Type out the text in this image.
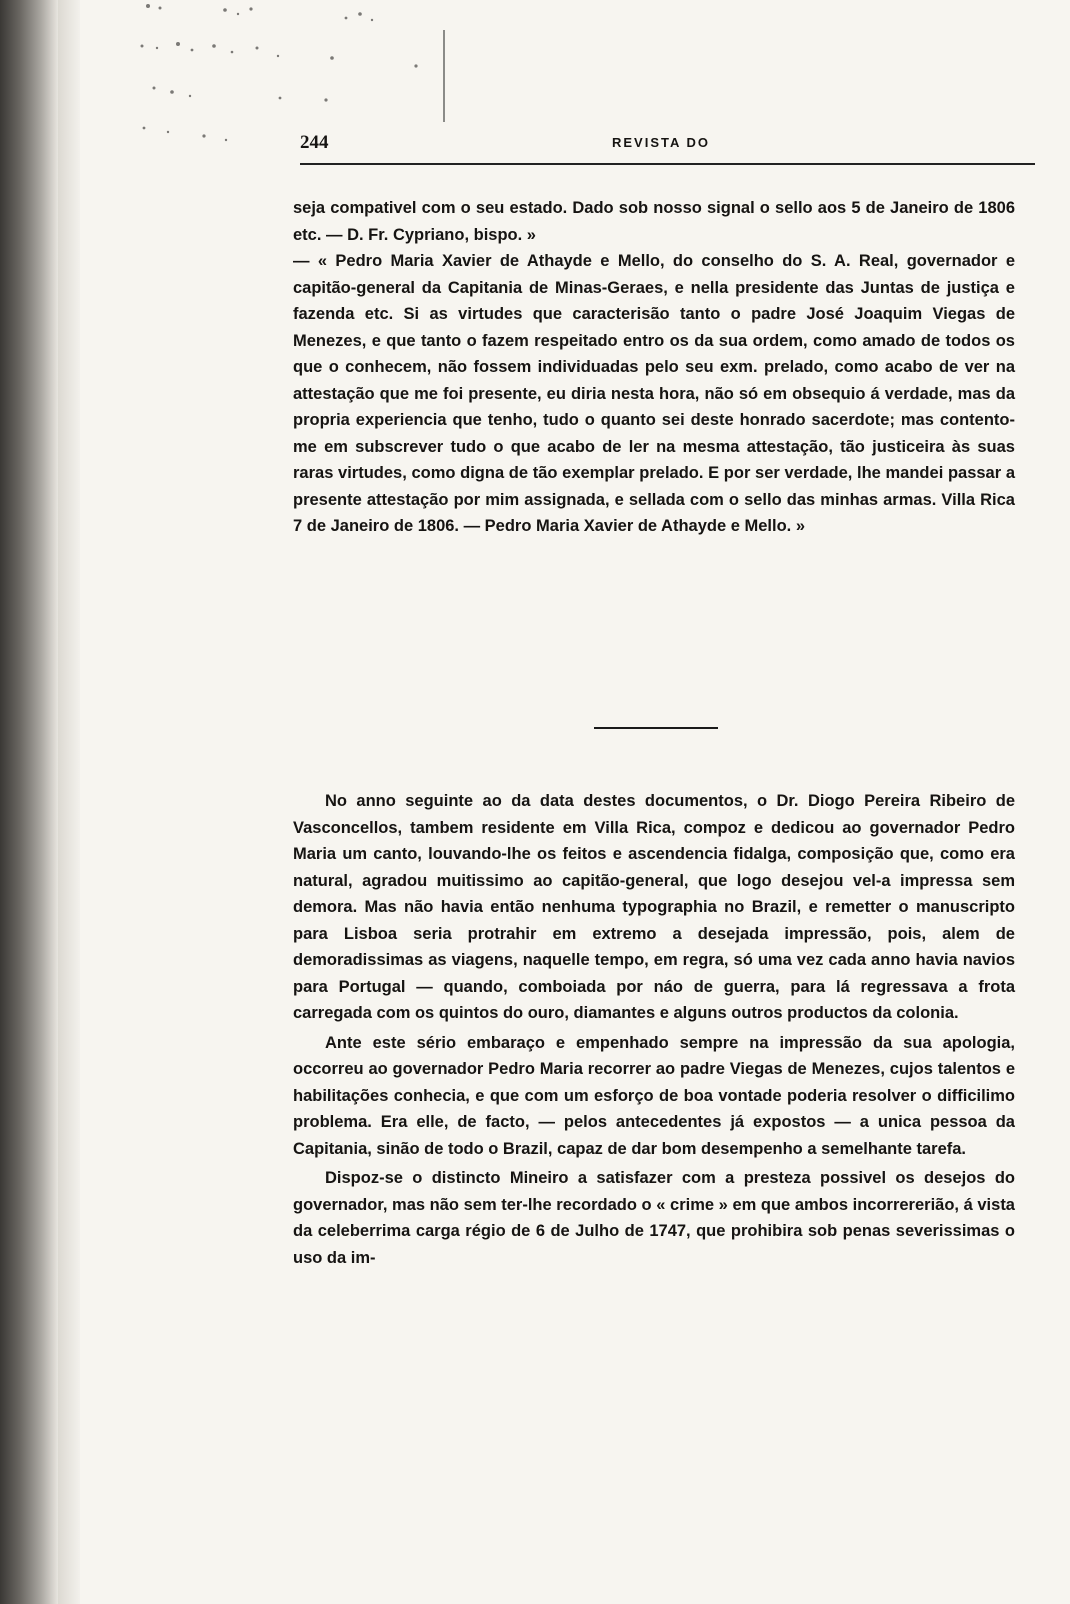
244	REVISTA DO

seja compativel com o seu estado. Dado sob nosso signal o sello aos 5 de Janeiro de 1806 etc. — D. Fr. Cypriano, bispo. »

— « Pedro Maria Xavier de Athayde e Mello, do conselho do S. A. Real, governador e capitão-general da Capitania de Minas-Geraes, e nella presidente das Juntas de justiça e fazenda etc. Si as virtudes que caracterisão tanto o padre José Joaquim Viegas de Menezes, e que tanto o fazem respeitado entro os da sua ordem, como amado de todos os que o conhecem, não fossem individuadas pelo seu exm. prelado, como acabo de ver na attestação que me foi presente, eu diria nesta hora, não só em obsequio á verdade, mas da propria experiencia que tenho, tudo o quanto sei deste honrado sacerdote; mas contento-me em subscrever tudo o que acabo de ler na mesma attestação, tão justiceira às suas raras virtudes, como digna de tão exemplar prelado. E por ser verdade, lhe mandei passar a presente attestação por mim assignada, e sellada com o sello das minhas armas. Villa Rica 7 de Janeiro de 1806. — Pedro Maria Xavier de Athayde e Mello. »

No anno seguinte ao da data destes documentos, o Dr. Diogo Pereira Ribeiro de Vasconcellos, tambem residente em Villa Rica, compoz e dedicou ao governador Pedro Maria um canto, louvando-lhe os feitos e ascendencia fidalga, composição que, como era natural, agradou muitissimo ao capitão-general, que logo desejou vel-a impressa sem demora. Mas não havia então nenhuma typographia no Brazil, e remetter o manuscripto para Lisboa seria protrahir em extremo a desejada impressão, pois, alem de demoradissimas as viagens, naquelle tempo, em regra, só uma vez cada anno havia navios para Portugal — quando, comboiada por náo de guerra, para lá regressava a frota carregada com os quintos do ouro, diamantes e alguns outros productos da colonia.

Ante este sério embaraço e empenhado sempre na impressão da sua apologia, occorreu ao governador Pedro Maria recorrer ao padre Viegas de Menezes, cujos talentos e habilitações conhecia, e que com um esforço de boa vontade poderia resolver o difficilimo problema. Era elle, de facto, — pelos antecedentes já expostos — a unica pessoa da Capitania, sinão de todo o Brazil, capaz de dar bom desempenho a semelhante tarefa.

Dispoz-se o distincto Mineiro a satisfazer com a presteza possivel os desejos do governador, mas não sem ter-lhe recordado o « crime » em que ambos incorrererião, á vista da celeberrima carga régio de 6 de Julho de 1747, que prohibira sob penas severissimas o uso da im-
